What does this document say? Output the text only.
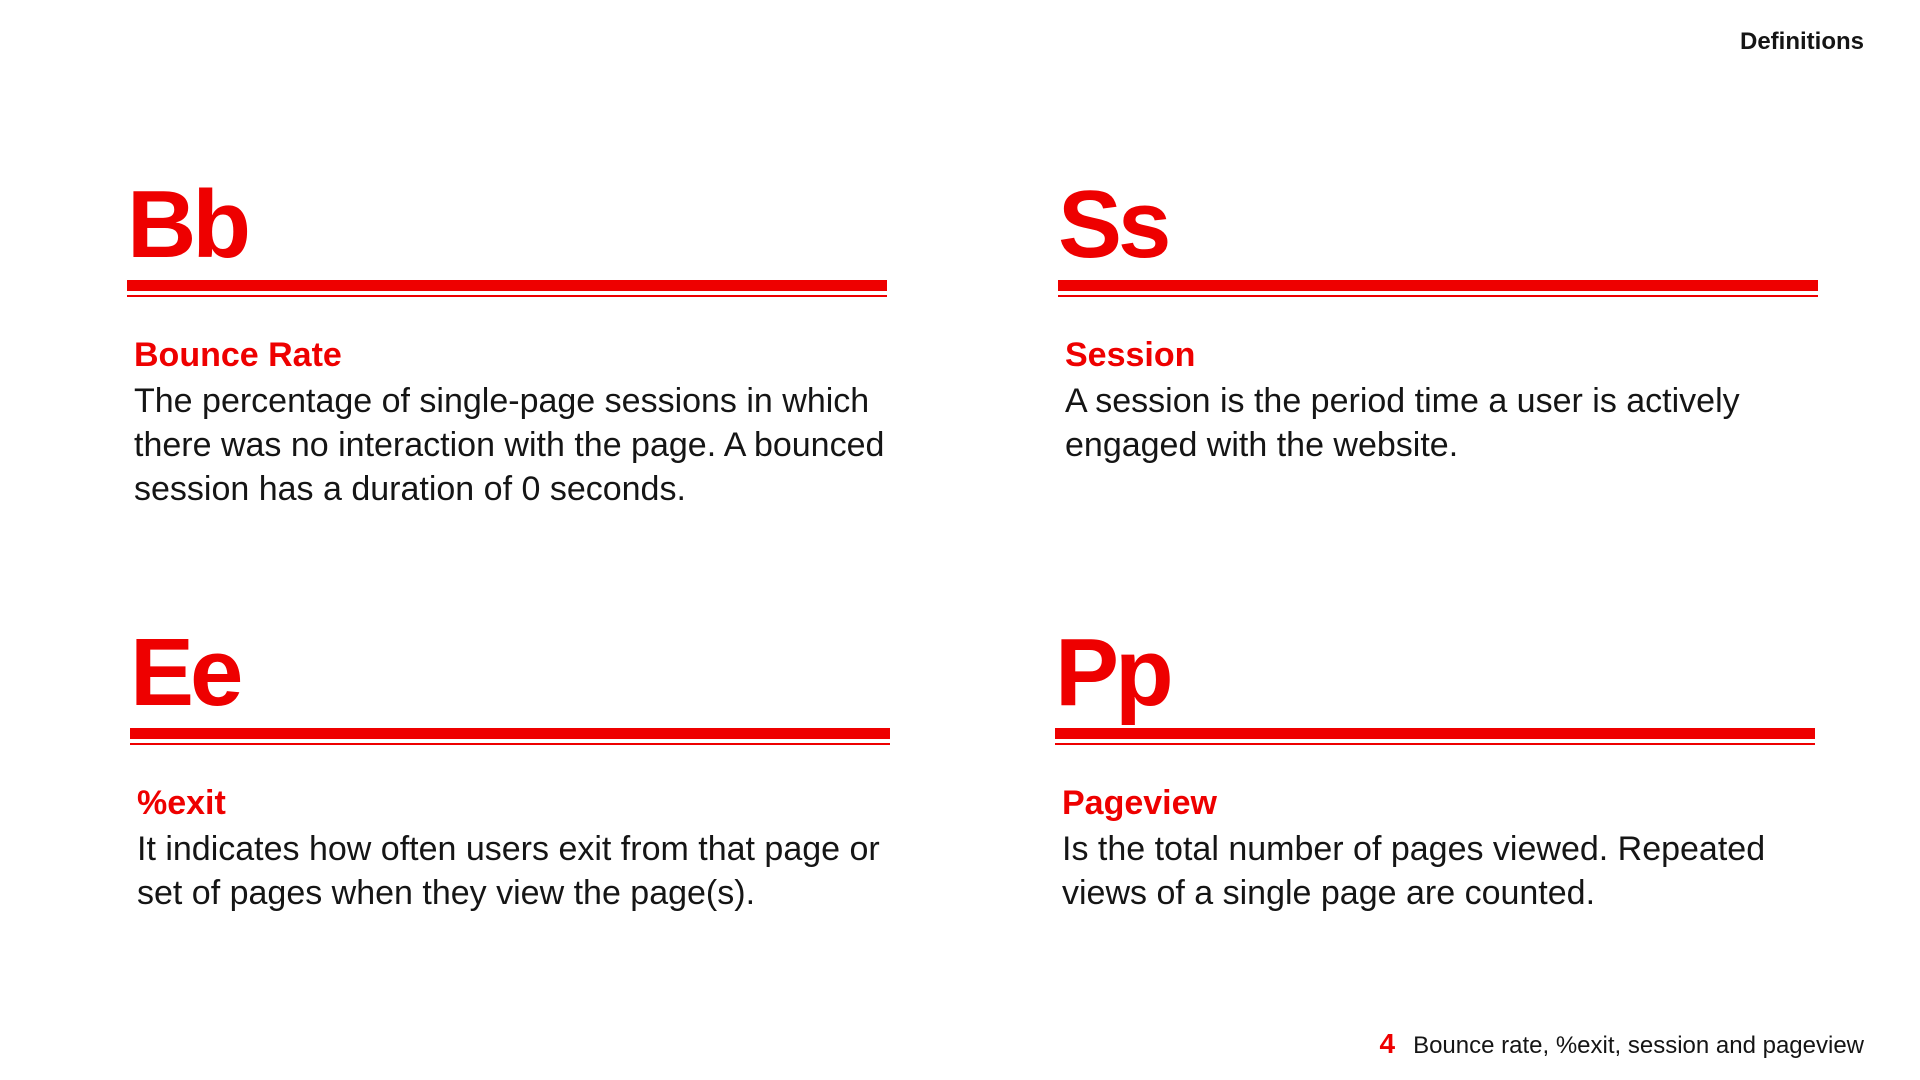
Definitions
Bb
Bounce Rate
The percentage of single-page sessions in which there was no interaction with the page. A bounced session has a duration of 0 seconds.
Ss
Session
A session is the period time a user is actively engaged with the website.
Ee
%exit
It indicates how often users exit from that page or set of pages when they view the page(s).
Pp
Pageview
Is the total number of pages viewed. Repeated views of a single page are counted.
4 Bounce rate, %exit, session and pageview
